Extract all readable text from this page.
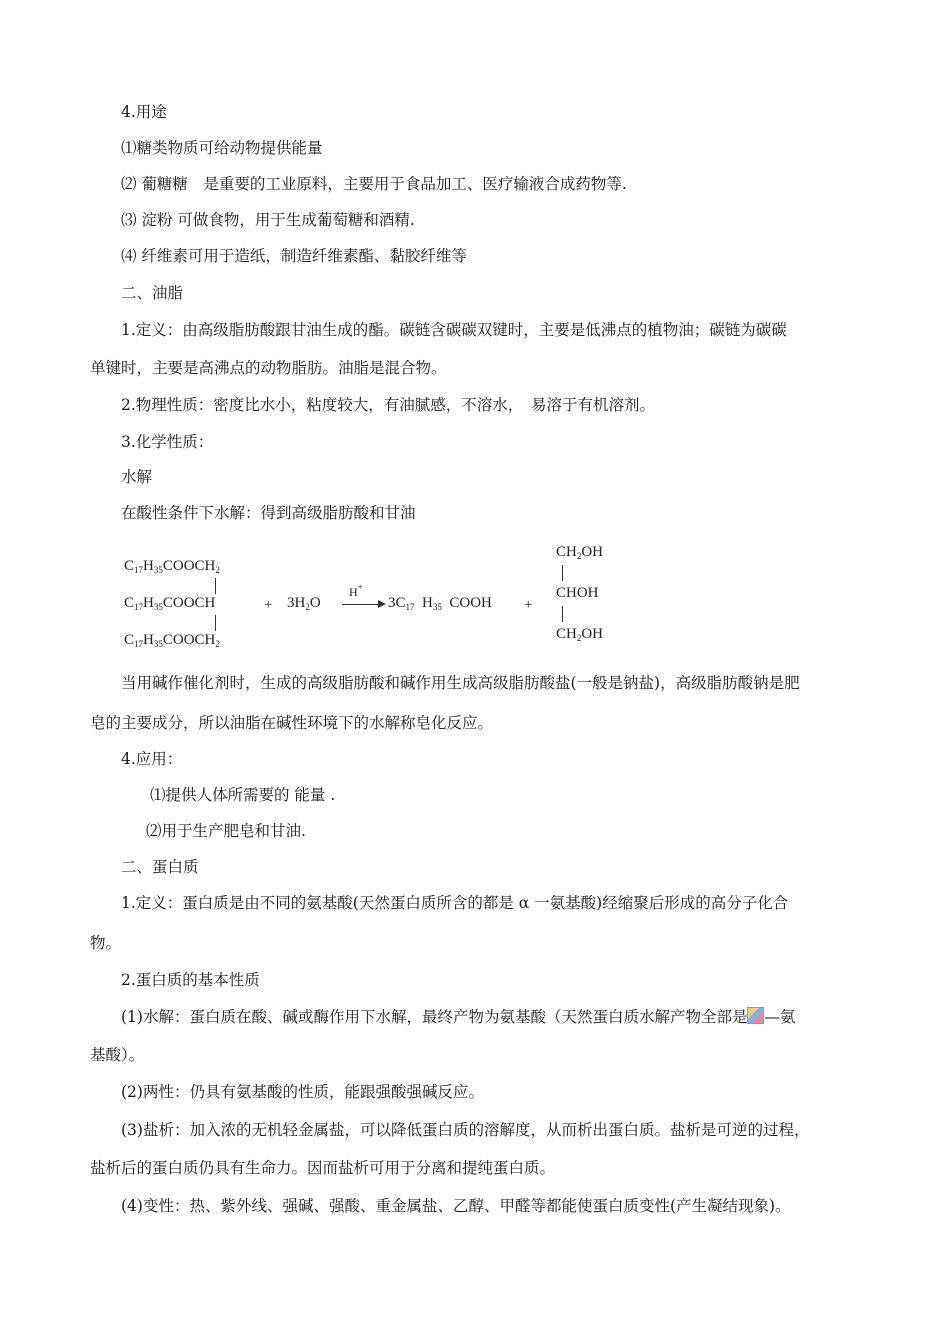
4.用途
⑴糖类物质可给动物提供能量
⑵ 葡糖糖　是重要的工业原料，主要用于食品加工、医疗输液合成药物等.
⑶ 淀粉 可做食物，用于生成葡萄糖和酒精.
⑷ 纤维素可用于造纸，制造纤维素酯、黏胶纤维等
二、油脂
1.定义：由高级脂肪酸跟甘油生成的酯。碳链含碳碳双键时，主要是低沸点的植物油；碳链为碳碳
单键时，主要是高沸点的动物脂肪。油脂是混合物。
2.物理性质：密度比水小，粘度较大，有油腻感，不溶水，　易溶于有机溶剂。
3.化学性质：
水解
在酸性条件下水解：得到高级脂肪酸和甘油
$C_{17}H_{35}COOCH_2$
$C_{17}H_{35}COOCH$
$C_{17}H_{35}COOCH_2$
+ $3H_2O$
H+
$3C_{17}$ $H_{35}$ COOH +
$CH_2OH$
CHOH
$CH_2OH$
当用碱作催化剂时，生成的高级脂肪酸和碱作用生成高级脂肪酸盐(一般是钠盐)，高级脂肪酸钠是肥
皂的主要成分，所以油脂在碱性环境下的水解称皂化反应。
4.应用：
⑴提供人体所需要的 能量 .
⑵用于生产肥皂和甘油.
二、蛋白质
1.定义：蛋白质是由不同的氨基酸(天然蛋白质所含的都是 α 一氨基酸)经缩聚后形成的高分子化合
物。
2.蛋白质的基本性质
(1)水解：蛋白质在酸、碱或酶作用下水解，最终产物为氨基酸（天然蛋白质水解产物全部是 —氨
基酸）。
(2)两性：仍具有氨基酸的性质，能跟强酸强碱反应。
(3)盐析：加入浓的无机轻金属盐，可以降低蛋白质的溶解度，从而析出蛋白质。盐析是可逆的过程，
盐析后的蛋白质仍具有生命力。因而盐析可用于分离和提纯蛋白质。
(4)变性：热、紫外线、强碱、强酸、重金属盐、乙醇、甲醛等都能使蛋白质变性(产生凝结现象)。
